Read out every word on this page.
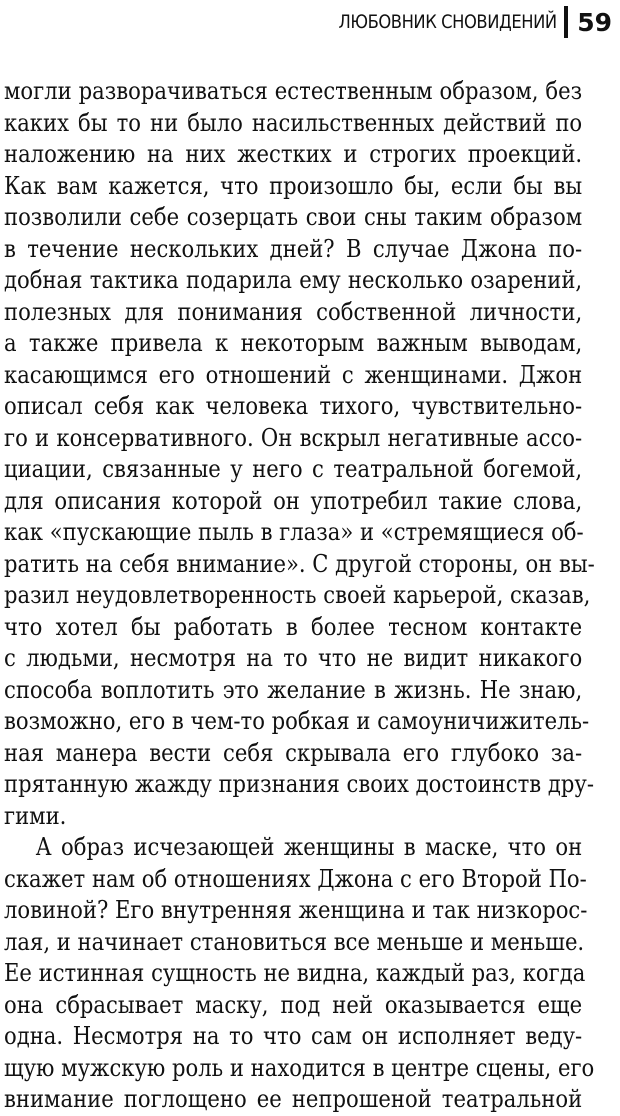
ЛЮБОВНИК СНОВИДЕНИЙ 59
могли разворачиваться естественным образом, без
каких бы то ни было насильственных действий по
наложению на них жестких и строгих проекций.
Как вам кажется, что произошло бы, если бы вы
позволили себе созерцать свои сны таким образом
в течение нескольких дней? В случае Джона по-
добная тактика подарила ему несколько озарений,
полезных для понимания собственной личности,
а также привела к некоторым важным выводам,
касающимся его отношений с женщинами. Джон
описал себя как человека тихого, чувствительно-
го и консервативного. Он вскрыл негативные ассо-
циации, связанные у него с театральной богемой,
для описания которой он употребил такие слова,
как «пускающие пыль в глаза» и «стремящиеся об-
ратить на себя внимание». С другой стороны, он вы-
разил неудовлетворенность своей карьерой, сказав,
что хотел бы работать в более тесном контакте
с людьми, несмотря на то что не видит никакого
способа воплотить это желание в жизнь. Не знаю,
возможно, его в чем-то робкая и самоуничижитель-
ная манера вести себя скрывала его глубоко за-
прятанную жажду признания своих достоинств дру-
гими.
А образ исчезающей женщины в маске, что он
скажет нам об отношениях Джона с его Второй По-
ловиной? Его внутренняя женщина и так низкорос-
лая, и начинает становиться все меньше и меньше.
Ее истинная сущность не видна, каждый раз, когда
она сбрасывает маску, под ней оказывается еще
одна. Несмотря на то что сам он исполняет веду-
щую мужскую роль и находится в центре сцены, его
внимание поглощено ее непрошеной театральной
